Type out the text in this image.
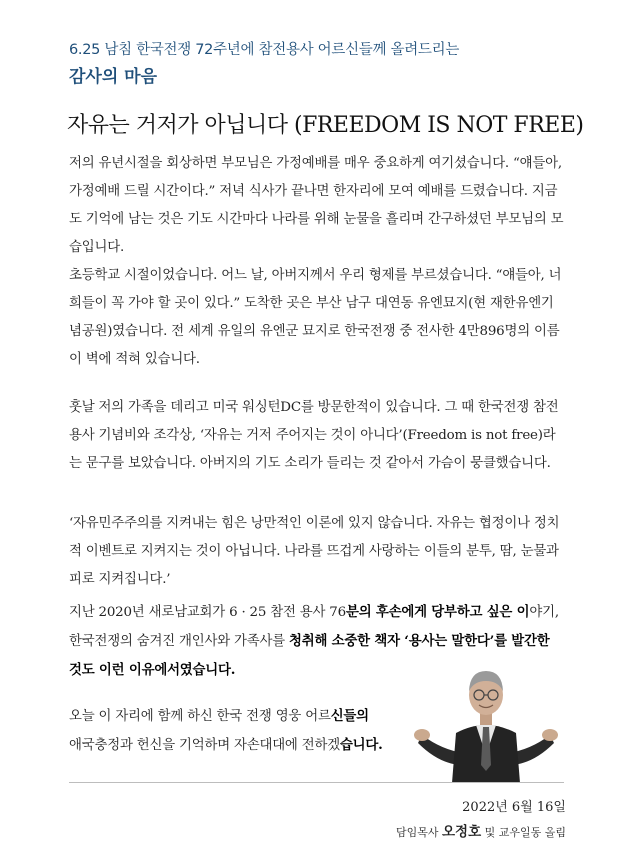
6.25 남침 한국전쟁 72주년에 참전용사 어르신들께 올려드리는
감사의 마음
자유는 거저가 아닙니다 (FREEDOM IS NOT FREE)

저의 유년시절을 회상하면 부모님은 가정예배를 매우 중요하게 여기셨습니다. “얘들아, 가정예배 드릴 시간이다.” 저녁 식사가 끝나면 한자리에 모여 예배를 드렸습니다. 지금도 기억에 남는 것은 기도 시간마다 나라를 위해 눈물을 흘리며 간구하셨던 부모님의 모습입니다.

초등학교 시절이었습니다. 어느 날, 아버지께서 우리 형제를 부르셨습니다. “얘들아, 너희들이 꼭 가야 할 곳이 있다.” 도착한 곳은 부산 남구 대연동 유엔묘지(현 재한유엔기념공원)였습니다. 전 세계 유일의 유엔군 묘지로 한국전쟁 중 전사한 4만896명의 이름이 벽에 적혀 있습니다.

훗날 저의 가족을 데리고 미국 워싱턴DC를 방문한적이 있습니다. 그 때 한국전쟁 참전용사 기념비와 조각상, ‘자유는 거저 주어지는 것이 아니다’(Freedom is not free)라는 문구를 보았습니다. 아버지의 기도 소리가 들리는 것 같아서 가슴이 뭉클했습니다.

‘자유민주주의를 지켜내는 힘은 낭만적인 이론에 있지 않습니다. 자유는 협정이나 정치적 이벤트로 지켜지는 것이 아닙니다. 나라를 뜨겁게 사랑하는 이들의 분투, 땀, 눈물과 피로 지켜집니다.’

지난 2020년 새로남교회가 6 · 25 참전 용사 76분의 후손에게 당부하고 싶은 이야기, 한국전쟁의 숨겨진 개인사와 가족사를 청취해 소중한 책자 ‘용사는 말한다’를 발간한 것도 이런 이유에서였습니다.

오늘 이 자리에 함께 하신 한국 전쟁 영웅 어르신들의
애국충정과 헌신을 기억하며 자손대대에 전하겠습니다.

2022년 6월 16일
담임목사 오정호 및 교우일동 올림
